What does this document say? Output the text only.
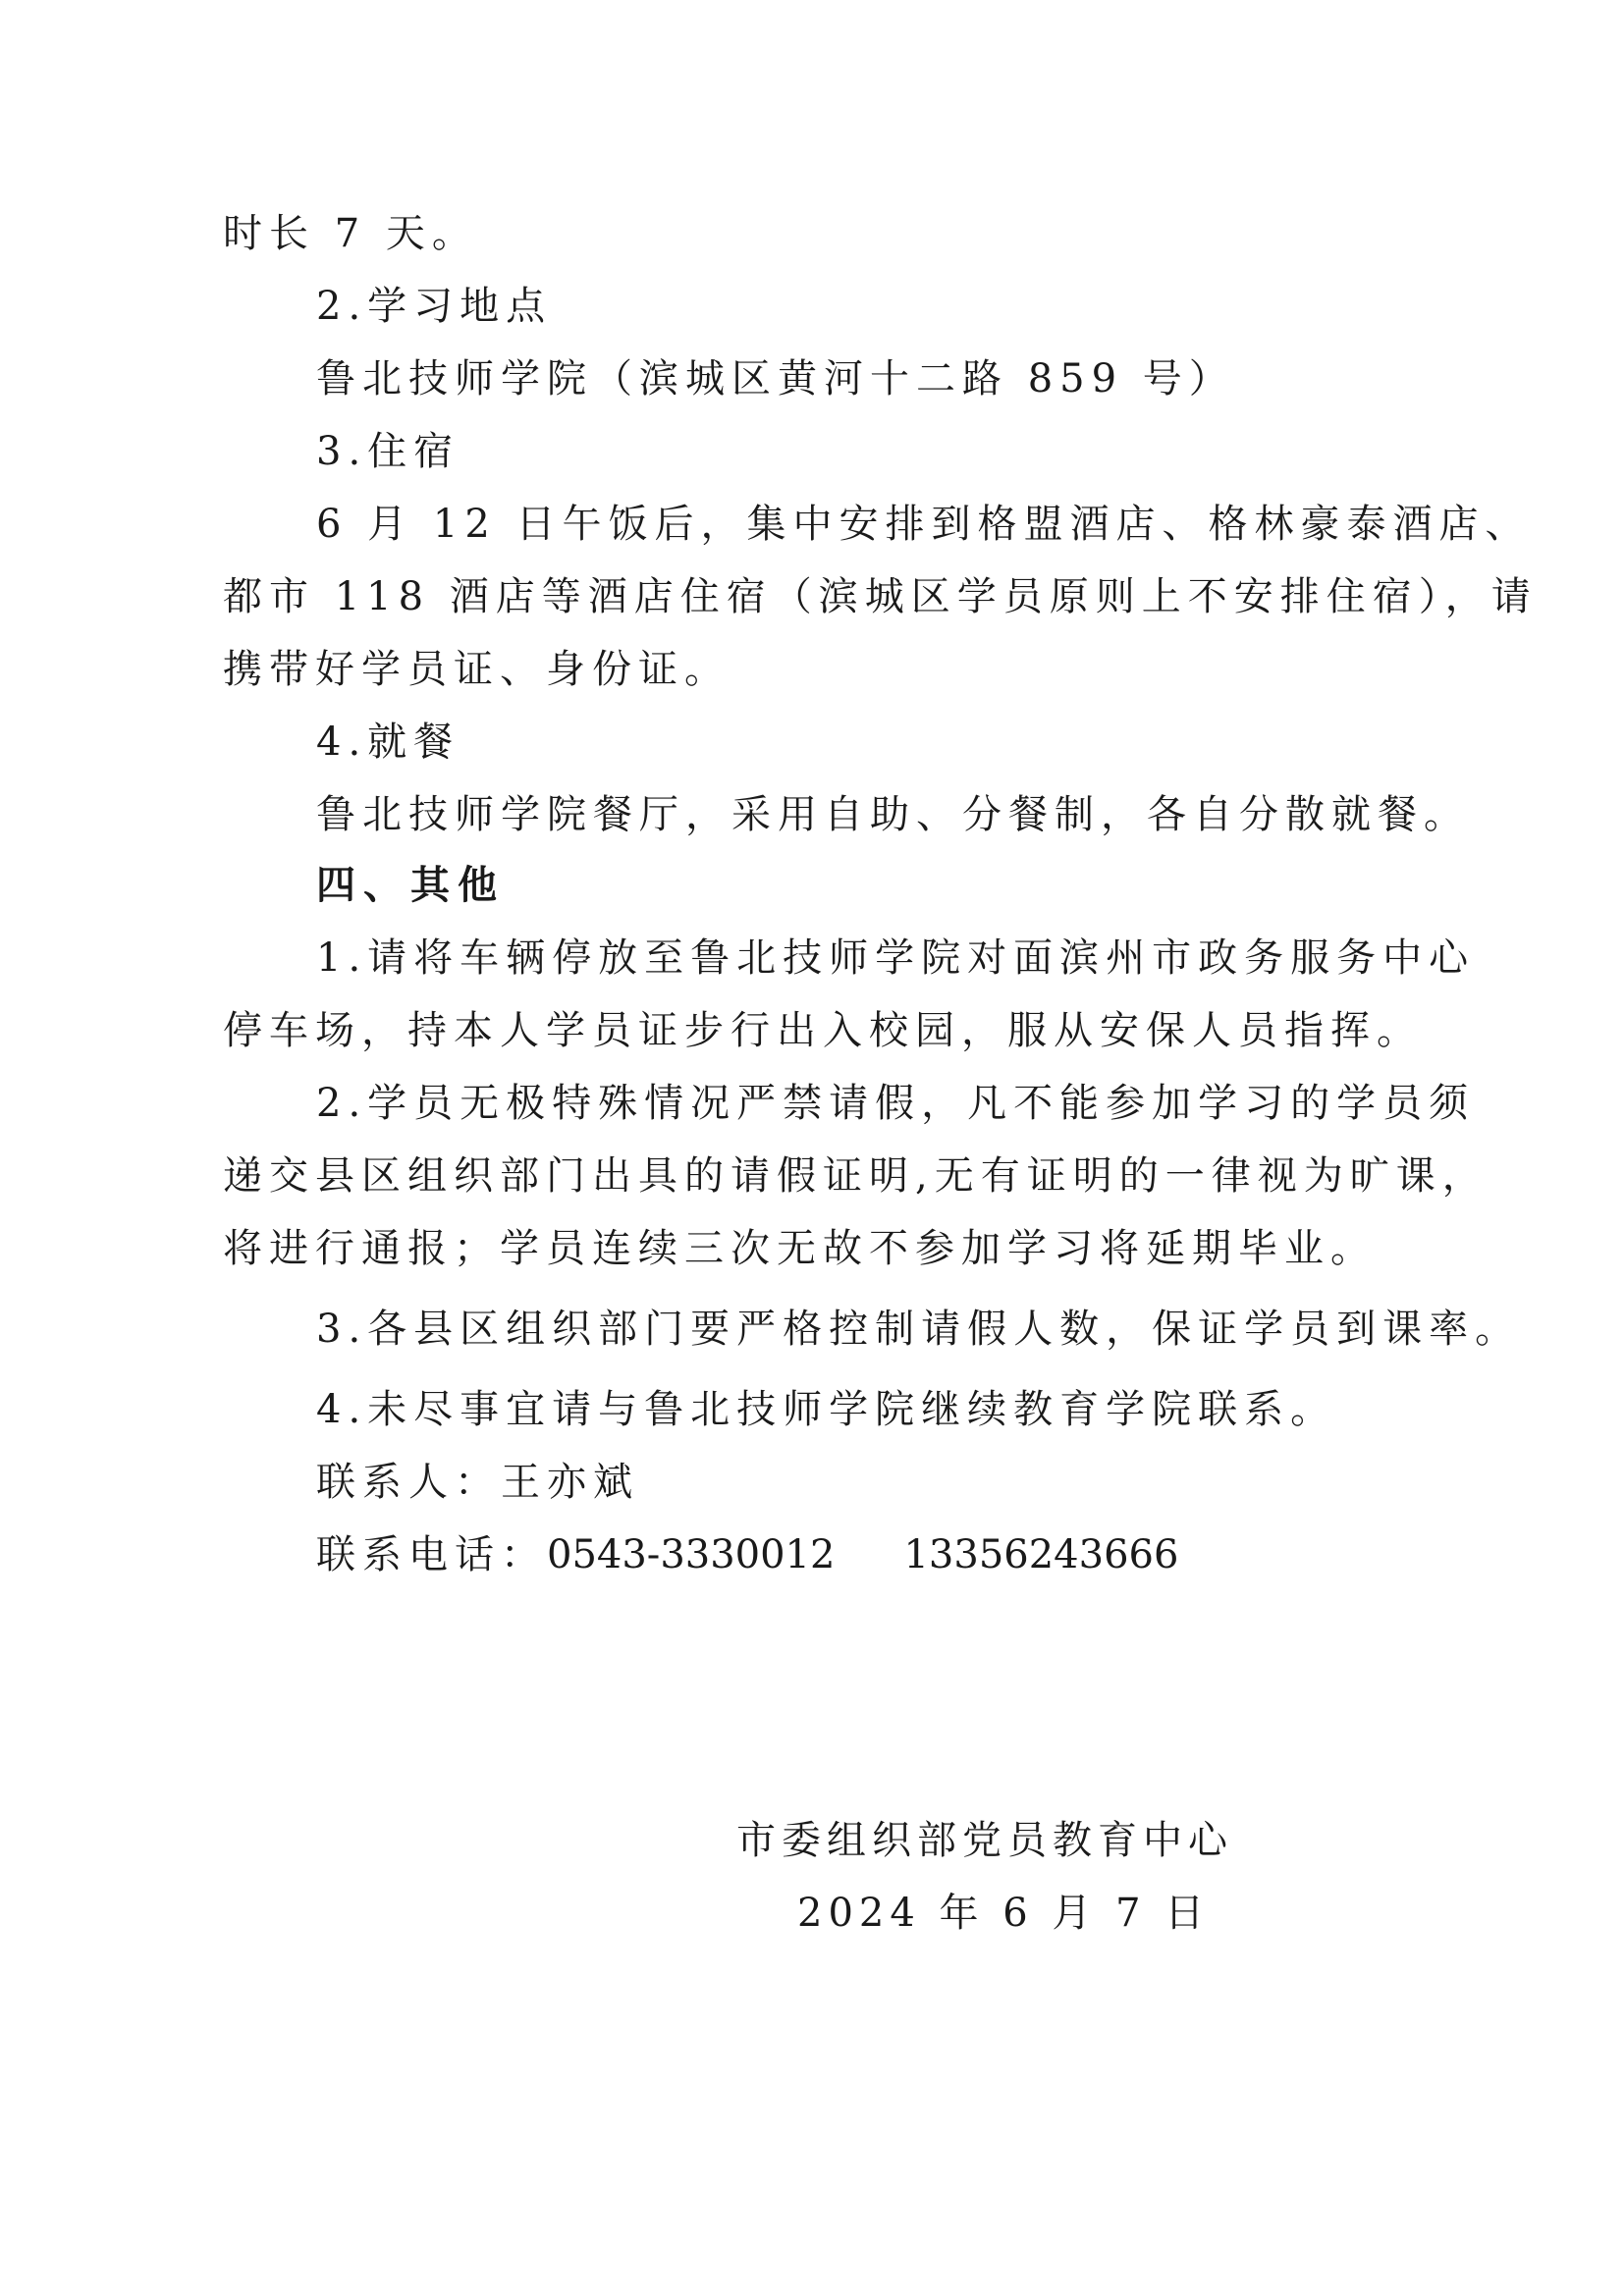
时长 7 天。
2.学习地点
鲁北技师学院（滨城区黄河十二路 859 号）
3.住宿
6 月 12 日午饭后，集中安排到格盟酒店、格林豪泰酒店、
都市 118 酒店等酒店住宿（滨城区学员原则上不安排住宿），请
携带好学员证、身份证。
4.就餐
鲁北技师学院餐厅，采用自助、分餐制，各自分散就餐。
四、其他
1.请将车辆停放至鲁北技师学院对面滨州市政务服务中心
停车场，持本人学员证步行出入校园，服从安保人员指挥。
2.学员无极特殊情况严禁请假，凡不能参加学习的学员须
递交县区组织部门出具的请假证明,无有证明的一律视为旷课，
将进行通报；学员连续三次无故不参加学习将延期毕业。
3.各县区组织部门要严格控制请假人数，保证学员到课率。
4.未尽事宜请与鲁北技师学院继续教育学院联系。
联系人：王亦斌
联系电话：0543-3330012 13356243666
市委组织部党员教育中心
2024 年 6 月 7 日
